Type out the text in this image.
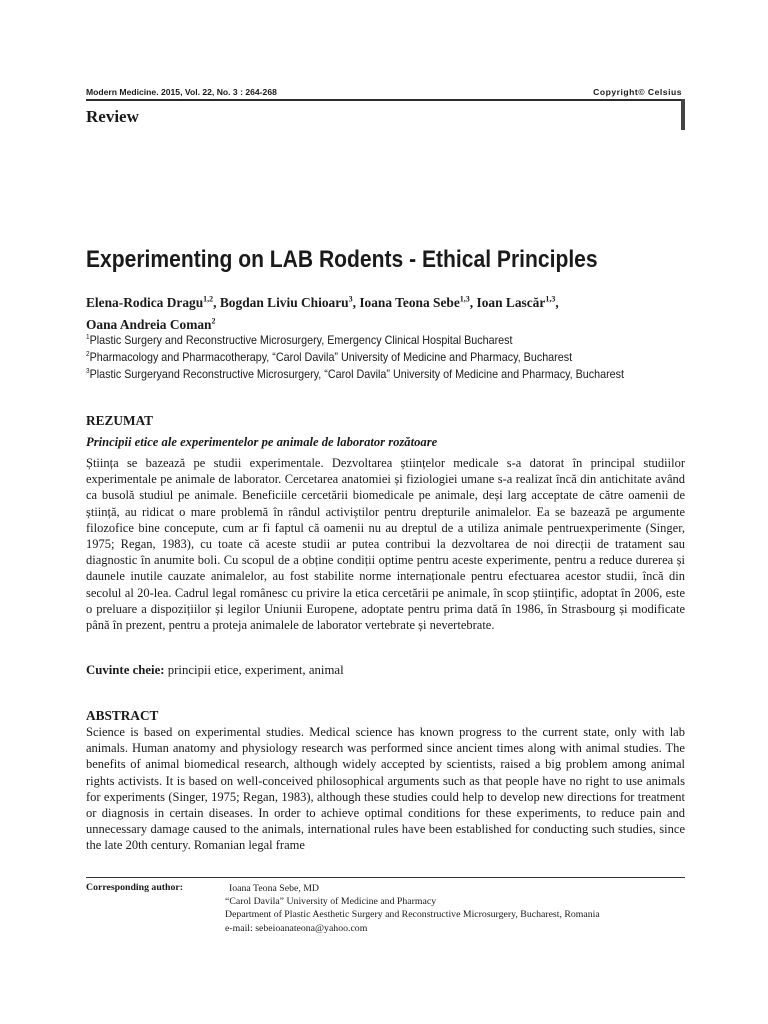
Modern Medicine. 2015, Vol. 22, No. 3 : 264-268	Copyright© Celsius
Review
Experimenting on LAB Rodents - Ethical Principles
Elena-Rodica Dragu$^{1,2}$, Bogdan Liviu Chioaru$^3$, Ioana Teona Sebe$^{1,3}$, Ioan Lascăr$^{1,3}$,
Oana Andreia Coman$^2$
$^1$Plastic Surgery and Reconstructive Microsurgery, Emergency Clinical Hospital Bucharest
$^2$Pharmacology and Pharmacotherapy, “Carol Davila” University of Medicine and Pharmacy, Bucharest
$^3$Plastic Surgeryand Reconstructive Microsurgery, “Carol Davila” University of Medicine and Pharmacy, Bucharest
REZUMAT
Principii etice ale experimentelor pe animale de laborator rozătoare
Știința se bazează pe studii experimentale. Dezvoltarea științelor medicale s-a datorat în principal studiilor experimentale pe animale de laborator. Cercetarea anatomiei și fiziologiei umane s-a realizat încă din antichitate având ca busolă studiul pe animale. Beneficiile cercetării biomedicale pe animale, deși larg acceptate de către oamenii de știință, au ridicat o mare problemă în rândul activiștilor pentru drepturile animalelor. Ea se bazează pe argumente filozofice bine concepute, cum ar fi faptul că oamenii nu au dreptul de a utiliza animale pentruexperimente (Singer, 1975; Regan, 1983), cu toate că aceste studii ar putea contribui la dezvoltarea de noi direcții de tratament sau diagnostic în anumite boli. Cu scopul de a obține condiții optime pentru aceste experimente, pentru a reduce durerea și daunele inutile cauzate animalelor, au fost stabilite norme internaționale pentru efectuarea acestor studii, încă din secolul al 20-lea. Cadrul legal românesc cu privire la etica cercetării pe animale, în scop științific, adoptat în 2006, este o preluare a dispozițiilor și legilor Uniunii Europene, adoptate pentru prima dată în 1986, în Strasbourg și modificate până în prezent, pentru a proteja animalele de laborator vertebrate și nevertebrate.
Cuvinte cheie: principii etice, experiment, animal
ABSTRACT
Science is based on experimental studies. Medical science has known progress to the current state, only with lab animals. Human anatomy and physiology research was performed since ancient times along with animal studies. The benefits of animal biomedical research, although widely accepted by scientists, raised a big problem among animal rights activists. It is based on well-conceived philosophical arguments such as that people have no right to use animals for experiments (Singer, 1975; Regan, 1983), although these studies could help to develop new directions for treatment or diagnosis in certain diseases. In order to achieve optimal conditions for these experiments, to reduce pain and unnecessary damage caused to the animals, international rules have been established for conducting such studies, since the late 20th century. Romanian legal frame
Corresponding author:	Ioana Teona Sebe, MD
“Carol Davila” University of Medicine and Pharmacy
Department of Plastic Aesthetic Surgery and Reconstructive Microsurgery, Bucharest, Romania
e-mail: sebeioanateona@yahoo.com
